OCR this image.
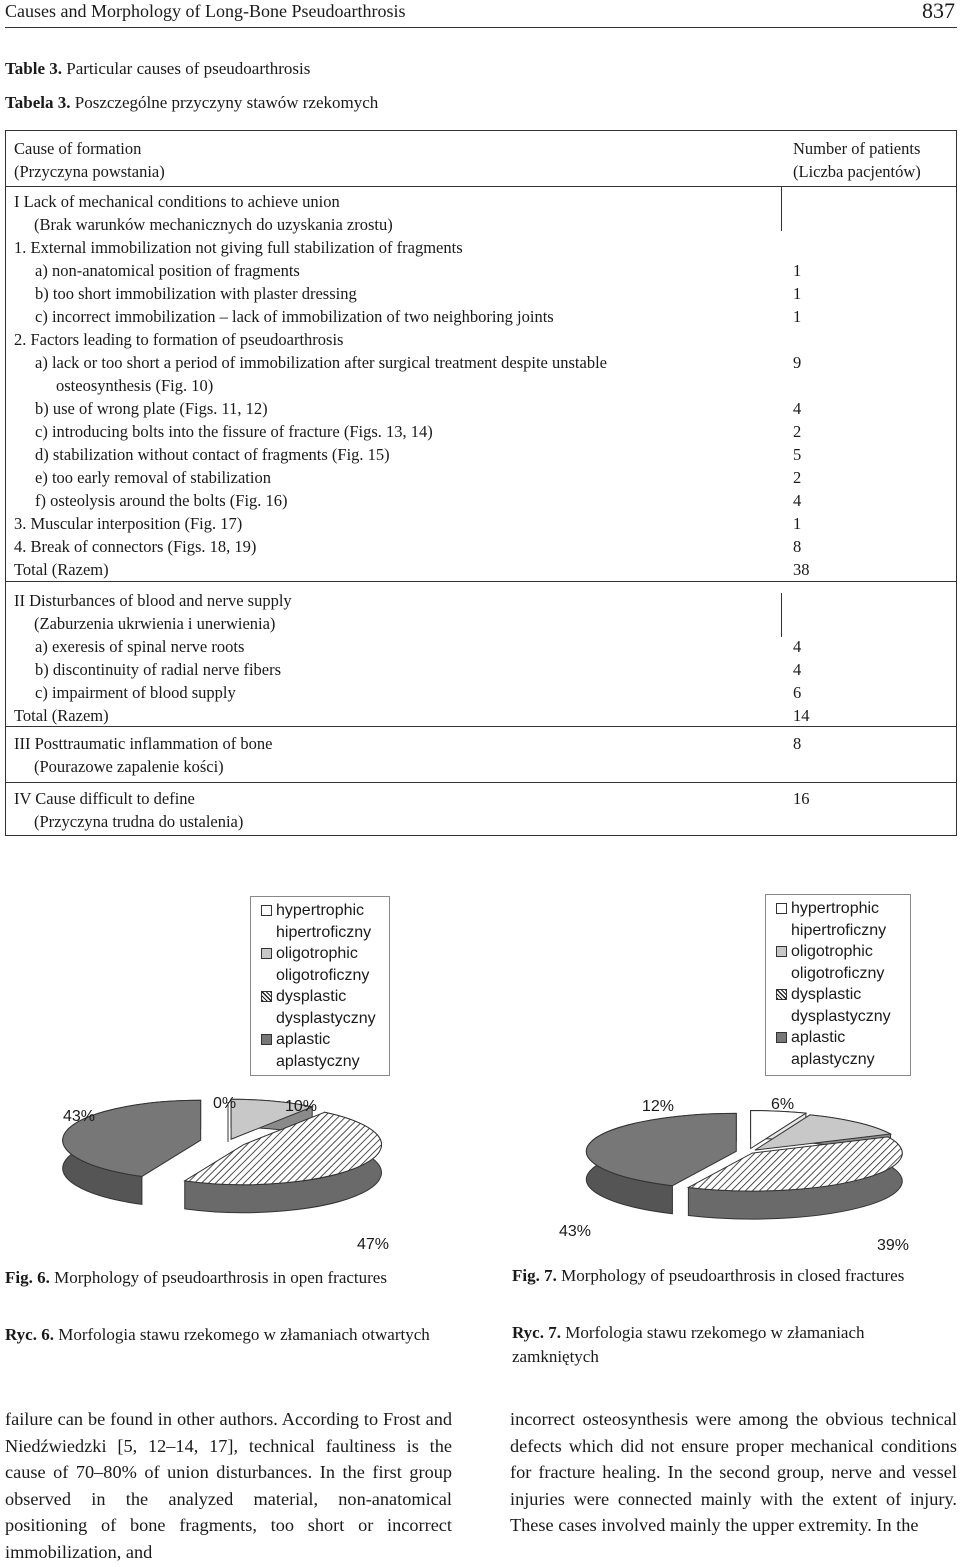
Causes and Morphology of Long-Bone Pseudoarthrosis	837
Table 3. Particular causes of pseudoarthrosis
Tabela 3. Poszczególne przyczyny stawów rzekomych
Cause of formation	Number of patients
(Przyczyna powstania)	(Liczba pacjentów)
I Lack of mechanical conditions to achieve union
(Brak warunków mechanicznych do uzyskania zrostu)
1. External immobilization not giving full stabilization of fragments
a) non-anatomical position of fragments	1
b) too short immobilization with plaster dressing	1
c) incorrect immobilization – lack of immobilization of two neighboring joints	1
2. Factors leading to formation of pseudoarthrosis
a) lack or too short a period of immobilization after surgical treatment despite unstable	9
osteosynthesis (Fig. 10)
b) use of wrong plate (Figs. 11, 12)	4
c) introducing bolts into the fissure of fracture (Figs. 13, 14)	2
d) stabilization without contact of fragments (Fig. 15)	5
e) too early removal of stabilization	2
f) osteolysis around the bolts (Fig. 16)	4
3. Muscular interposition (Fig. 17)	1
4. Break of connectors (Figs. 18, 19)	8
Total (Razem)	38
II Disturbances of blood and nerve supply
(Zaburzenia ukrwienia i unerwienia)
a) exeresis of spinal nerve roots	4
b) discontinuity of radial nerve fibers	4
c) impairment of blood supply	6
Total (Razem)	14
III Posttraumatic inflammation of bone	8
(Pourazowe zapalenie kości)
IV Cause difficult to define	16
(Przyczyna trudna do ustalenia)
hypertrophic
hipertroficzny
oligotrophic
oligotroficzny
dysplastic
dysplastyczny
aplastic
aplastyczny
hypertrophic
hipertroficzny
oligotrophic
oligotroficzny
dysplastic
dysplastyczny
aplastic
aplastyczny
43%
0%	10%
47%
12%	6%
43%
39%
Fig. 6. Morphology of pseudoarthrosis in open fractures
Ryc. 6. Morfologia stawu rzekomego w złamaniach otwartych
Fig. 7. Morphology of pseudoarthrosis in closed fractures
Ryc. 7. Morfologia stawu rzekomego w złamaniach zamkniętych
failure can be found in other authors. According to Frost and Niedźwiedzki [5, 12–14, 17], technical faultiness is the cause of 70–80% of union disturbances. In the first group observed in the analyzed material, non-anatomical positioning of bone fragments, too short or incorrect immobilization, and
incorrect osteosynthesis were among the obvious technical defects which did not ensure proper mechanical conditions for fracture healing. In the second group, nerve and vessel injuries were connected mainly with the extent of injury. These cases involved mainly the upper extremity. In the
